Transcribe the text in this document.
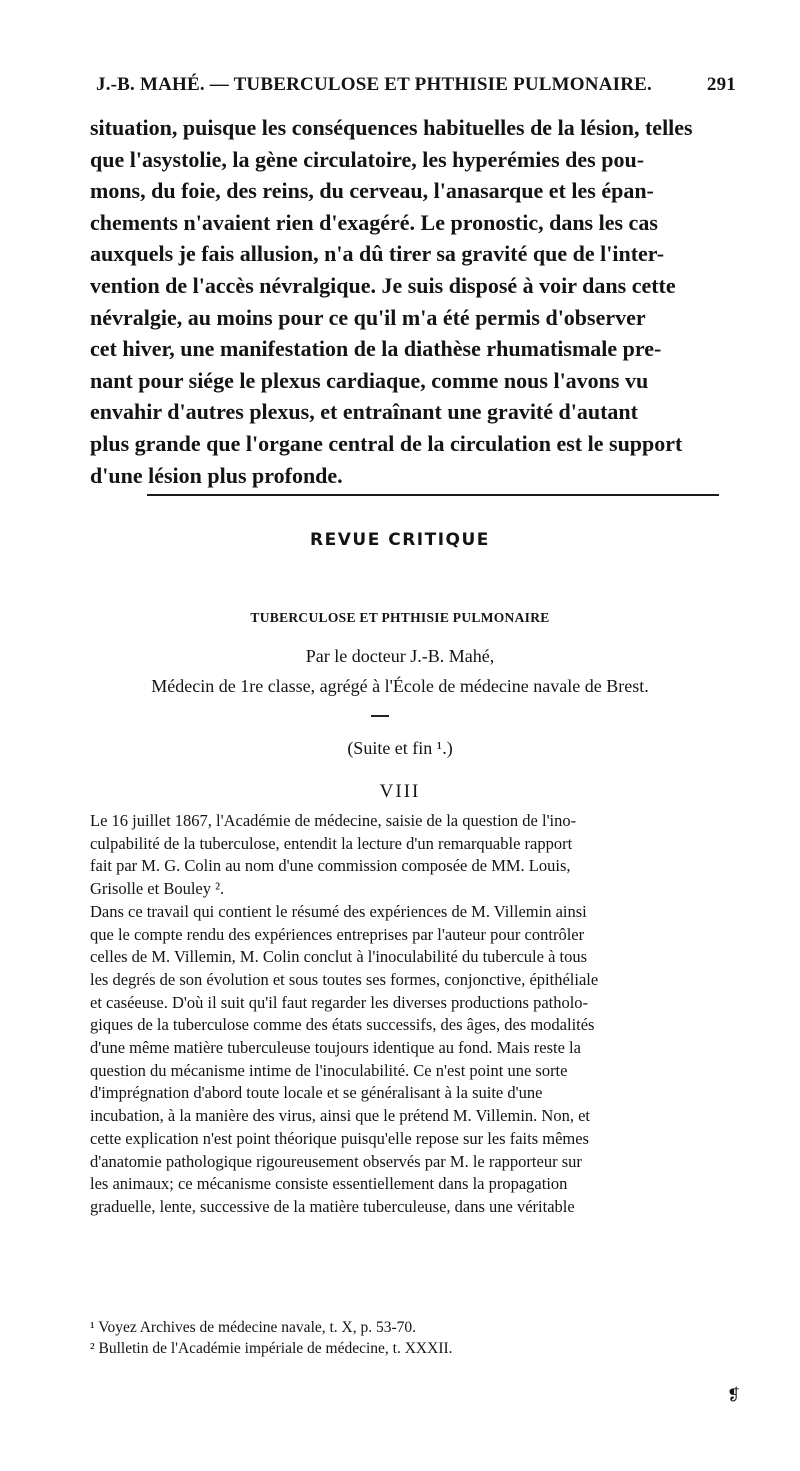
J.-B. MAHÉ. — TUBERCULOSE ET PHTHISIE PULMONAIRE.	291

situation, puisque les conséquences habituelles de la lésion, telles
que l'asystolie, la gène circulatoire, les hyperémies des pou-
mons, du foie, des reins, du cerveau, l'anasarque et les épan-
chements n'avaient rien d'exagéré. Le pronostic, dans les cas
auxquels je fais allusion, n'a dû tirer sa gravité que de l'inter-
vention de l'accès névralgique. Je suis disposé à voir dans cette
névralgie, au moins pour ce qu'il m'a été permis d'observer
cet hiver, une manifestation de la diathèse rhumatismale pre-
nant pour siége le plexus cardiaque, comme nous l'avons vu
envahir d'autres plexus, et entraînant une gravité d'autant
plus grande que l'organe central de la circulation est le support
d'une lésion plus profonde.

REVUE CRITIQUE
TUBERCULOSE ET PHTHISIE PULMONAIRE
Par le docteur J.-B. Mahé,
Médecin de 1re classe, agrégé à l'École de médecine navale de Brest.
(Suite et fin ¹.)
VIII

Le 16 juillet 1867, l'Académie de médecine, saisie de la question de l'ino-
culpabilité de la tuberculose, entendit la lecture d'un remarquable rapport
fait par M. G. Colin au nom d'une commission composée de MM. Louis,
Grisolle et Bouley ².
Dans ce travail qui contient le résumé des expériences de M. Villemin ainsi
que le compte rendu des expériences entreprises par l'auteur pour contrôler
celles de M. Villemin, M. Colin conclut à l'inoculabilité du tubercule à tous
les degrés de son évolution et sous toutes ses formes, conjonctive, épithéliale
et caséeuse. D'où il suit qu'il faut regarder les diverses productions patholo-
giques de la tuberculose comme des états successifs, des âges, des modalités
d'une même matière tuberculeuse toujours identique au fond. Mais reste la
question du mécanisme intime de l'inoculabilité. Ce n'est point une sorte
d'imprégnation d'abord toute locale et se généralisant à la suite d'une
incubation, à la manière des virus, ainsi que le prétend M. Villemin. Non, et
cette explication n'est point théorique puisqu'elle repose sur les faits mêmes
d'anatomie pathologique rigoureusement observés par M. le rapporteur sur
les animaux; ce mécanisme consiste essentiellement dans la propagation
graduelle, lente, successive de la matière tuberculeuse, dans une véritable

¹ Voyez Archives de médecine navale, t. X, p. 53-70.
² Bulletin de l'Académie impériale de médecine, t. XXXII.
❡
